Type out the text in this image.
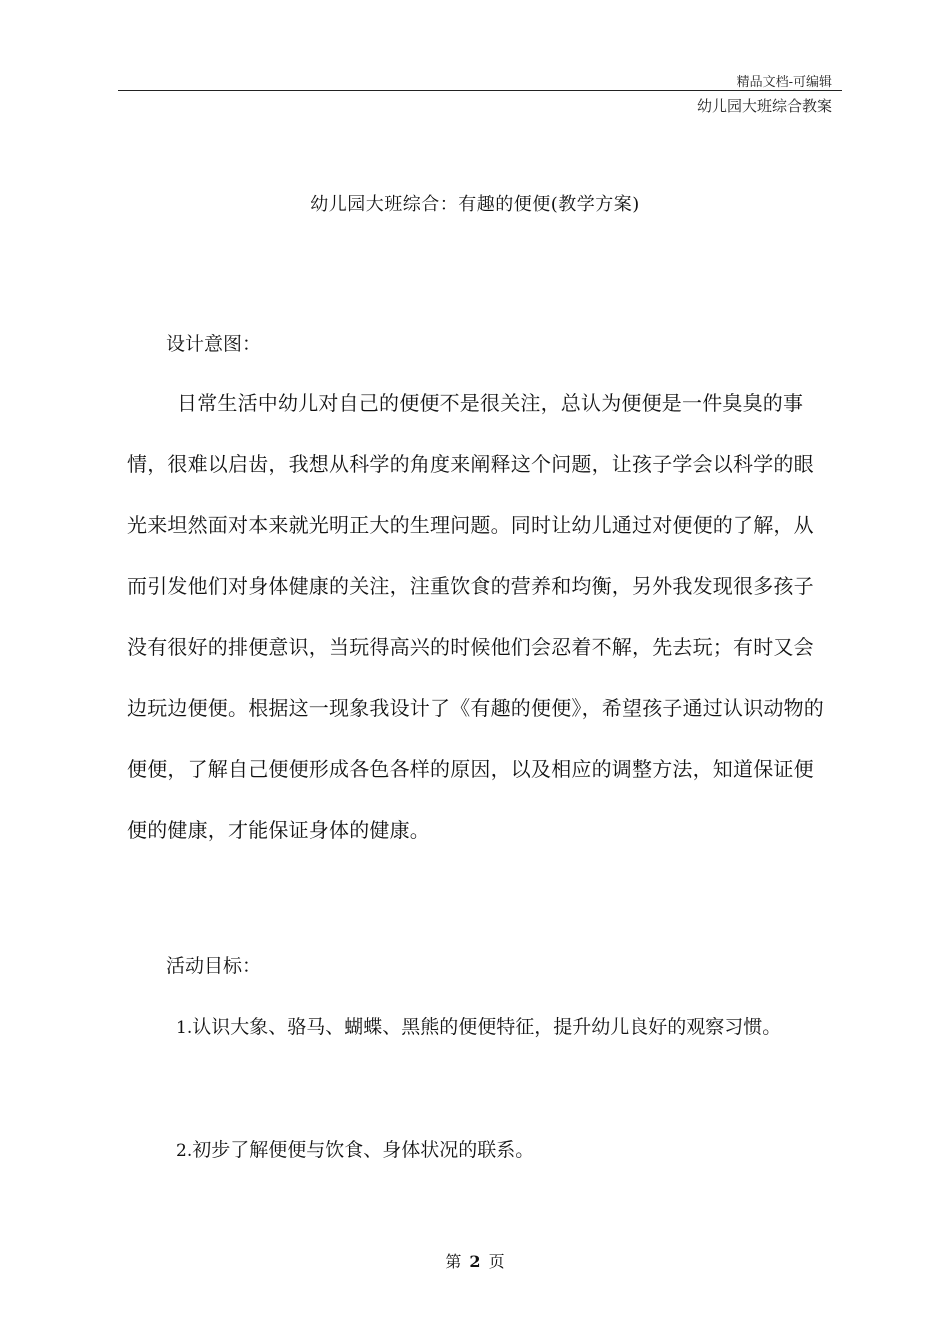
精品文档-可编辑
幼儿园大班综合教案
幼儿园大班综合：有趣的便便(教学方案)
设计意图：
日常生活中幼儿对自己的便便不是很关注，总认为便便是一件臭臭的事
情，很难以启齿，我想从科学的角度来阐释这个问题，让孩子学会以科学的眼
光来坦然面对本来就光明正大的生理问题。同时让幼儿通过对便便的了解，从
而引发他们对身体健康的关注，注重饮食的营养和均衡，另外我发现很多孩子
没有很好的排便意识，当玩得高兴的时候他们会忍着不解，先去玩；有时又会
边玩边便便。根据这一现象我设计了《有趣的便便》，希望孩子通过认识动物的
便便，了解自己便便形成各色各样的原因，以及相应的调整方法，知道保证便
便的健康，才能保证身体的健康。
活动目标：
1.认识大象、骆马、蝴蝶、黑熊的便便特征，提升幼儿良好的观察习惯。
2.初步了解便便与饮食、身体状况的联系。
第 2 页
